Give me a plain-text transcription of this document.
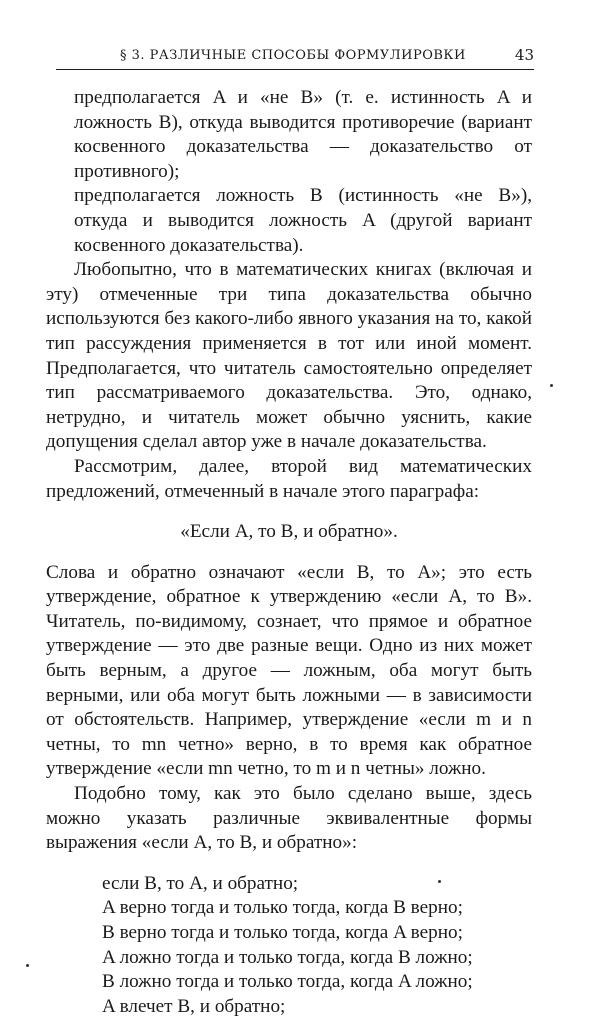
§ 3. РАЗЛИЧНЫЕ СПОСОБЫ ФОРМУЛИРОВКИ	43

предполагается A и «не B» (т. е. истинность A и ложность B), откуда выводится противоречие (вариант косвенного доказательства — доказательство от противного);

предполагается ложность B (истинность «не B»), откуда и выводится ложность A (другой вариант косвенного доказательства).

Любопытно, что в математических книгах (включая и эту) отмеченные три типа доказательства обычно используются без какого-либо явного указания на то, какой тип рассуждения применяется в тот или иной момент. Предполагается, что читатель самостоятельно определяет тип рассматриваемого доказательства. Это, однако, нетрудно, и читатель может обычно уяснить, какие допущения сделал автор уже в начале доказательства.

Рассмотрим, далее, второй вид математических предложений, отмеченный в начале этого параграфа:

«Если A, то B, и обратно».

Слова и обратно означают «если B, то A»; это есть утверждение, обратное к утверждению «если A, то B». Читатель, по-видимому, сознает, что прямое и обратное утверждение — это две разные вещи. Одно из них может быть верным, а другое — ложным, оба могут быть верными, или оба могут быть ложными — в зависимости от обстоятельств. Например, утверждение «если m и n четны, то mn четно» верно, в то время как обратное утверждение «если mn четно, то m и n четны» ложно.

Подобно тому, как это было сделано выше, здесь можно указать различные эквивалентные формы выражения «если A, то B, и обратно»:

если B, то A, и обратно;
A верно тогда и только тогда, когда B верно;
B верно тогда и только тогда, когда A верно;
A ложно тогда и только тогда, когда B ложно;
B ложно тогда и только тогда, когда A ложно;
A влечет B, и обратно;
